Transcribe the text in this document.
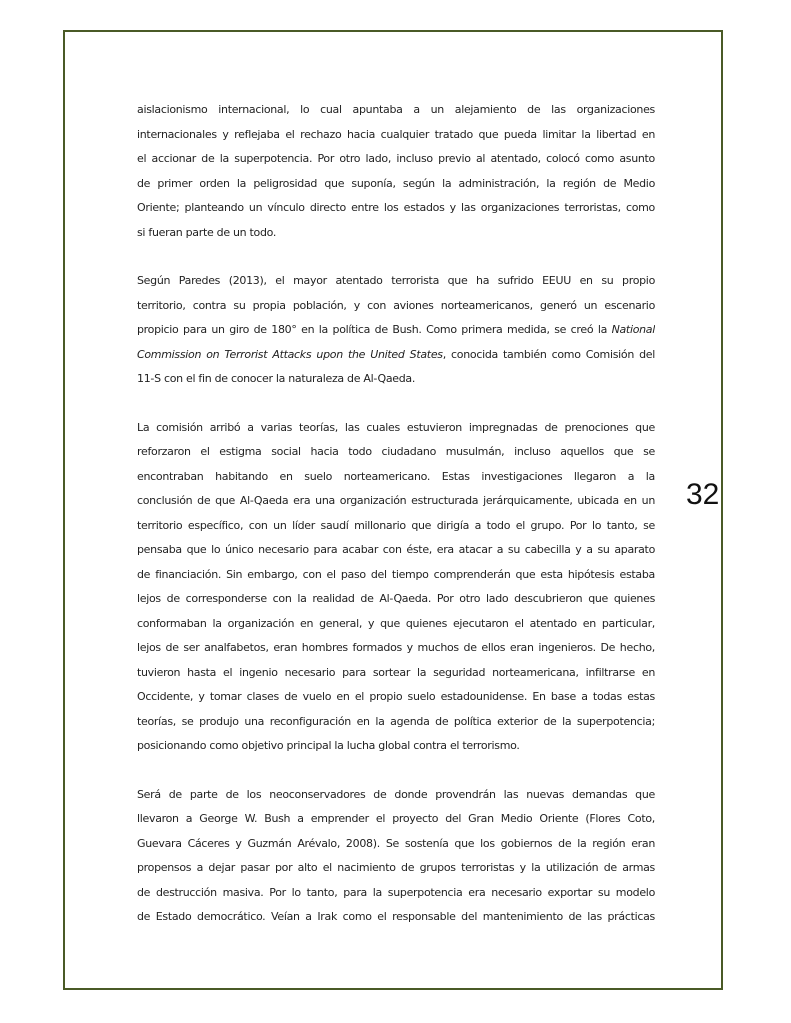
32
aislacionismo internacional, lo cual apuntaba a un alejamiento de las organizaciones
internacionales y reflejaba el rechazo hacia cualquier tratado que pueda limitar la libertad en
el accionar de la superpotencia. Por otro lado, incluso previo al atentado, colocó como asunto
de primer orden la peligrosidad que suponía, según la administración, la región de Medio
Oriente; planteando un vínculo directo entre los estados y las organizaciones terroristas, como
si fueran parte de un todo.
Según Paredes (2013), el mayor atentado terrorista que ha sufrido EEUU en su propio
territorio, contra su propia población, y con aviones norteamericanos, generó un escenario
propicio para un giro de 180° en la política de Bush. Como primera medida, se creó la National
Commission on Terrorist Attacks upon the United States, conocida también como Comisión del
11-S con el fin de conocer la naturaleza de Al-Qaeda.
La comisión arribó a varias teorías, las cuales estuvieron impregnadas de prenociones que
reforzaron el estigma social hacia todo ciudadano musulmán, incluso aquellos que se
encontraban habitando en suelo norteamericano. Estas investigaciones llegaron a la
conclusión de que Al-Qaeda era una organización estructurada jerárquicamente, ubicada en un
territorio específico, con un líder saudí millonario que dirigía a todo el grupo. Por lo tanto, se
pensaba que lo único necesario para acabar con éste, era atacar a su cabecilla y a su aparato
de financiación. Sin embargo, con el paso del tiempo comprenderán que esta hipótesis estaba
lejos de corresponderse con la realidad de Al-Qaeda. Por otro lado descubrieron que quienes
conformaban la organización en general, y que quienes ejecutaron el atentado en particular,
lejos de ser analfabetos, eran hombres formados y muchos de ellos eran ingenieros. De hecho,
tuvieron hasta el ingenio necesario para sortear la seguridad norteamericana, infiltrarse en
Occidente, y tomar clases de vuelo en el propio suelo estadounidense. En base a todas estas
teorías, se produjo una reconfiguración en la agenda de política exterior de la superpotencia;
posicionando como objetivo principal la lucha global contra el terrorismo.
Será de parte de los neoconservadores de donde provendrán las nuevas demandas que
llevaron a George W. Bush a emprender el proyecto del Gran Medio Oriente (Flores Coto,
Guevara Cáceres y Guzmán Arévalo, 2008). Se sostenía que los gobiernos de la región eran
propensos a dejar pasar por alto el nacimiento de grupos terroristas y la utilización de armas
de destrucción masiva. Por lo tanto, para la superpotencia era necesario exportar su modelo
de Estado democrático. Veían a Irak como el responsable del mantenimiento de las prácticas
